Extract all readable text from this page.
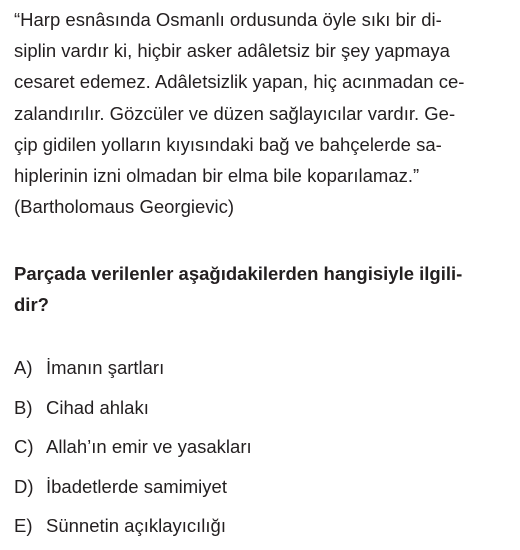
“Harp esnâsında Osmanlı ordusunda öyle sıkı bir di-
siplin vardır ki, hiçbir asker adâletsiz bir şey yapmaya
cesaret edemez. Adâletsizlik yapan, hiç acınmadan ce-
zalandırılır. Gözcüler ve düzen sağlayıcılar vardır. Ge-
çip gidilen yolların kıyısındaki bağ ve bahçelerde sa-
hiplerinin izni olmadan bir elma bile koparılamaz.”
(Bartholomaus Georgievic)
Parçada verilenler aşağıdakilerden hangisiyle ilgili-
dir?
A) İmanın şartları
B) Cihad ahlakı
C) Allah’ın emir ve yasakları
D) İbadetlerde samimiyet
E) Sünnetin açıklayıcılığı
